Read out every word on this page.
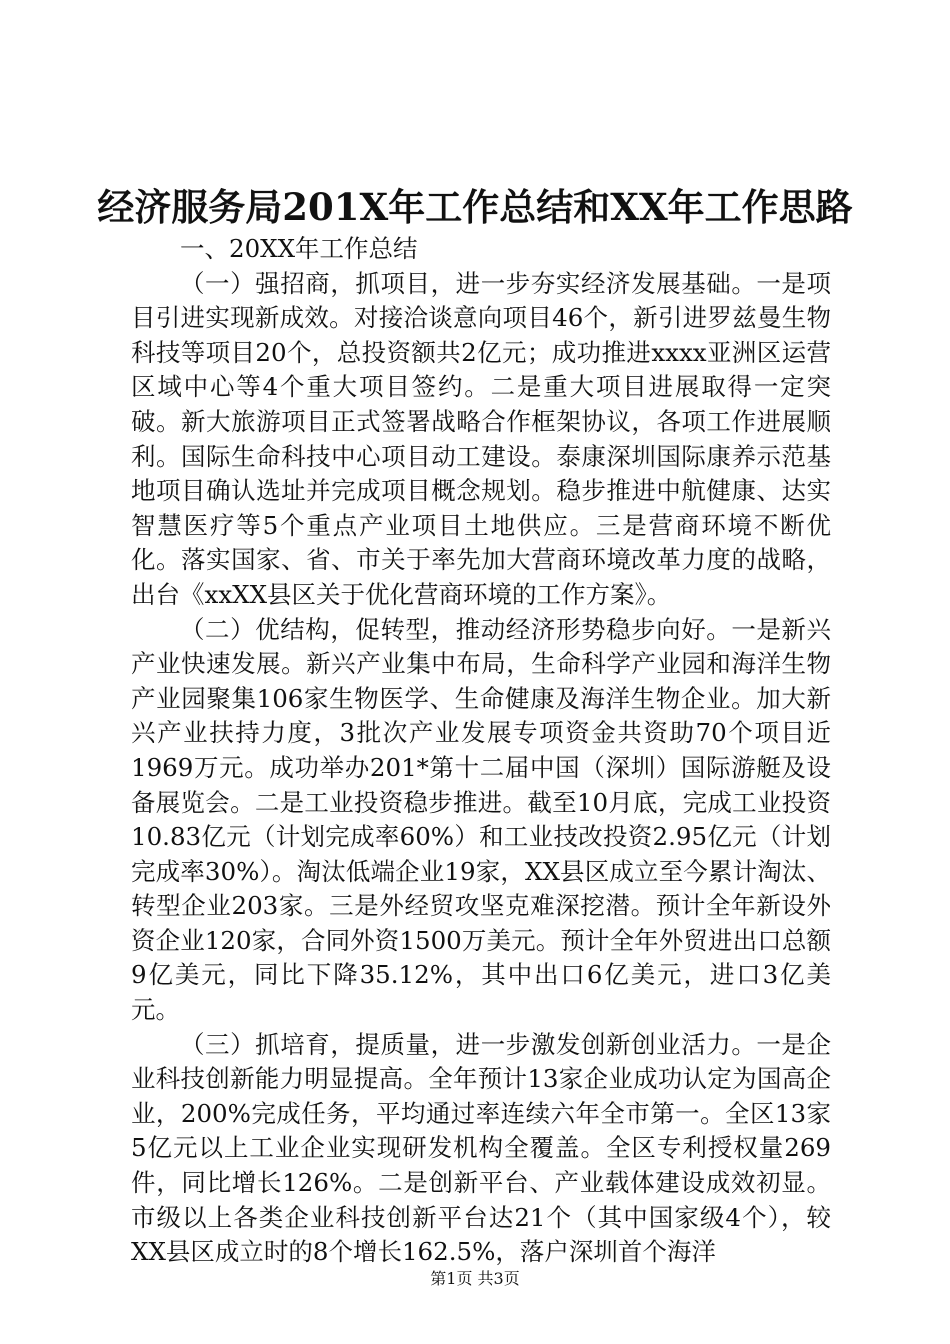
经济服务局201X年工作总结和XX年工作思路

一、20XX年工作总结

（一）强招商，抓项目，进一步夯实经济发展基础。一是项目引进实现新成效。对接洽谈意向项目46个，新引进罗兹曼生物科技等项目20个，总投资额共2亿元；成功推进xxxx亚洲区运营区域中心等4个重大项目签约。二是重大项目进展取得一定突破。新大旅游项目正式签署战略合作框架协议，各项工作进展顺利。国际生命科技中心项目动工建设。泰康深圳国际康养示范基地项目确认选址并完成项目概念规划。稳步推进中航健康、达实智慧医疗等5个重点产业项目土地供应。三是营商环境不断优化。落实国家、省、市关于率先加大营商环境改革力度的战略，出台《xxXX县区关于优化营商环境的工作方案》。

（二）优结构，促转型，推动经济形势稳步向好。一是新兴产业快速发展。新兴产业集中布局，生命科学产业园和海洋生物产业园聚集106家生物医学、生命健康及海洋生物企业。加大新兴产业扶持力度，3批次产业发展专项资金共资助70个项目近1969万元。成功举办201*第十二届中国（深圳）国际游艇及设备展览会。二是工业投资稳步推进。截至10月底，完成工业投资10.83亿元（计划完成率60%）和工业技改投资2.95亿元（计划完成率30%）。淘汰低端企业19家，XX县区成立至今累计淘汰、转型企业203家。三是外经贸攻坚克难深挖潜。预计全年新设外资企业120家，合同外资1500万美元。预计全年外贸进出口总额9亿美元，同比下降35.12%，其中出口6亿美元，进口3亿美元。

（三）抓培育，提质量，进一步激发创新创业活力。一是企业科技创新能力明显提高。全年预计13家企业成功认定为国高企业，200%完成任务，平均通过率连续六年全市第一。全区13家5亿元以上工业企业实现研发机构全覆盖。全区专利授权量269件，同比增长126%。二是创新平台、产业载体建设成效初显。市级以上各类企业科技创新平台达21个（其中国家级4个），较XX县区成立时的8个增长162.5%，落户深圳首个海洋

第1页 共3页
